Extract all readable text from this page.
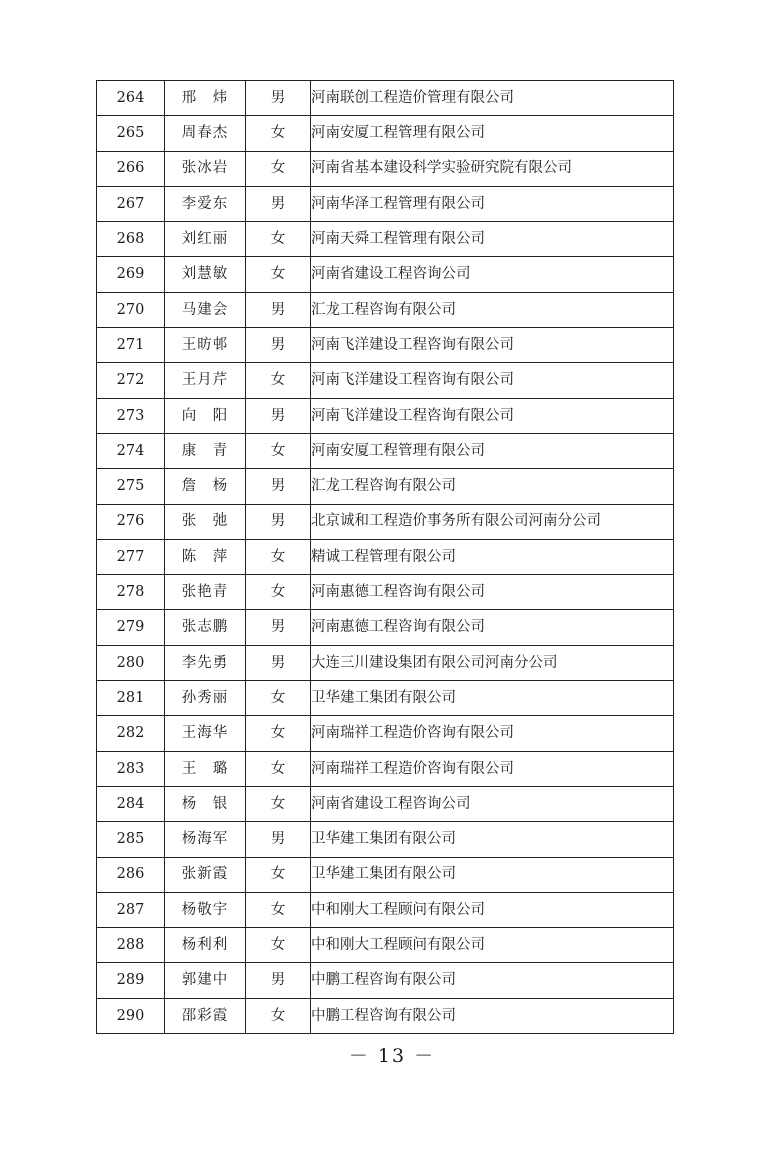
264	邢　炜	男	河南联创工程造价管理有限公司
265	周春杰	女	河南安厦工程管理有限公司
266	张冰岩	女	河南省基本建设科学实验研究院有限公司
267	李爱东	男	河南华泽工程管理有限公司
268	刘红丽	女	河南天舜工程管理有限公司
269	刘慧敏	女	河南省建设工程咨询公司
270	马建会	男	汇龙工程咨询有限公司
271	王昉邨	男	河南飞洋建设工程咨询有限公司
272	王月芹	女	河南飞洋建设工程咨询有限公司
273	向　阳	男	河南飞洋建设工程咨询有限公司
274	康　青	女	河南安厦工程管理有限公司
275	詹　杨	男	汇龙工程咨询有限公司
276	张　弛	男	北京诚和工程造价事务所有限公司河南分公司
277	陈　萍	女	精诚工程管理有限公司
278	张艳青	女	河南惠德工程咨询有限公司
279	张志鹏	男	河南惠德工程咨询有限公司
280	李先勇	男	大连三川建设集团有限公司河南分公司
281	孙秀丽	女	卫华建工集团有限公司
282	王海华	女	河南瑞祥工程造价咨询有限公司
283	王　璐	女	河南瑞祥工程造价咨询有限公司
284	杨　银	女	河南省建设工程咨询公司
285	杨海军	男	卫华建工集团有限公司
286	张新霞	女	卫华建工集团有限公司
287	杨敬宇	女	中和刚大工程顾问有限公司
288	杨利利	女	中和刚大工程顾问有限公司
289	郭建中	男	中鹏工程咨询有限公司
290	邵彩霞	女	中鹏工程咨询有限公司
－ 13 －
